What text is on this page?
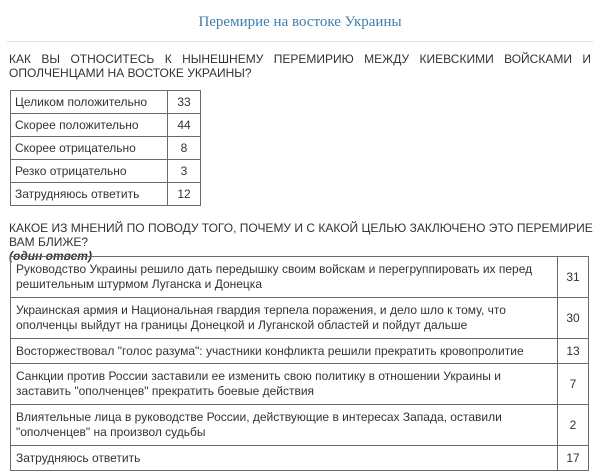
Перемирие на востоке Украины
КАК ВЫ ОТНОСИТЕСЬ К НЫНЕШНЕМУ ПЕРЕМИРИЮ МЕЖДУ КИЕВСКИМИ ВОЙСКАМИ И ОПОЛЧЕНЦАМИ НА ВОСТОКЕ УКРАИНЫ?
Целиком положительно	33
Скорее положительно	44
Скорее отрицательно	8
Резко отрицательно	3
Затрудняюсь ответить	12
КАКОЕ ИЗ МНЕНИЙ ПО ПОВОДУ ТОГО, ПОЧЕМУ И С КАКОЙ ЦЕЛЬЮ ЗАКЛЮЧЕНО ЭТО ПЕРЕМИРИЕ ВАМ БЛИЖЕ?
(один ответ)
Руководство Украины решило дать передышку своим войскам и перегруппировать их перед решительным штурмом Луганска и Донецка	31
Украинская армия и Национальная гвардия терпела поражения, и дело шло к тому, что ополченцы выйдут на границы Донецкой и Луганской областей и пойдут дальше	30
Восторжествовал "голос разума": участники конфликта решили прекратить кровопролитие	13
Санкции против России заставили ее изменить свою политику в отношении Украины и заставить "ополченцев" прекратить боевые действия	7
Влиятельные лица в руководстве России, действующие в интересах Запада, оставили "ополченцев" на произвол судьбы	2
Затрудняюсь ответить	17
